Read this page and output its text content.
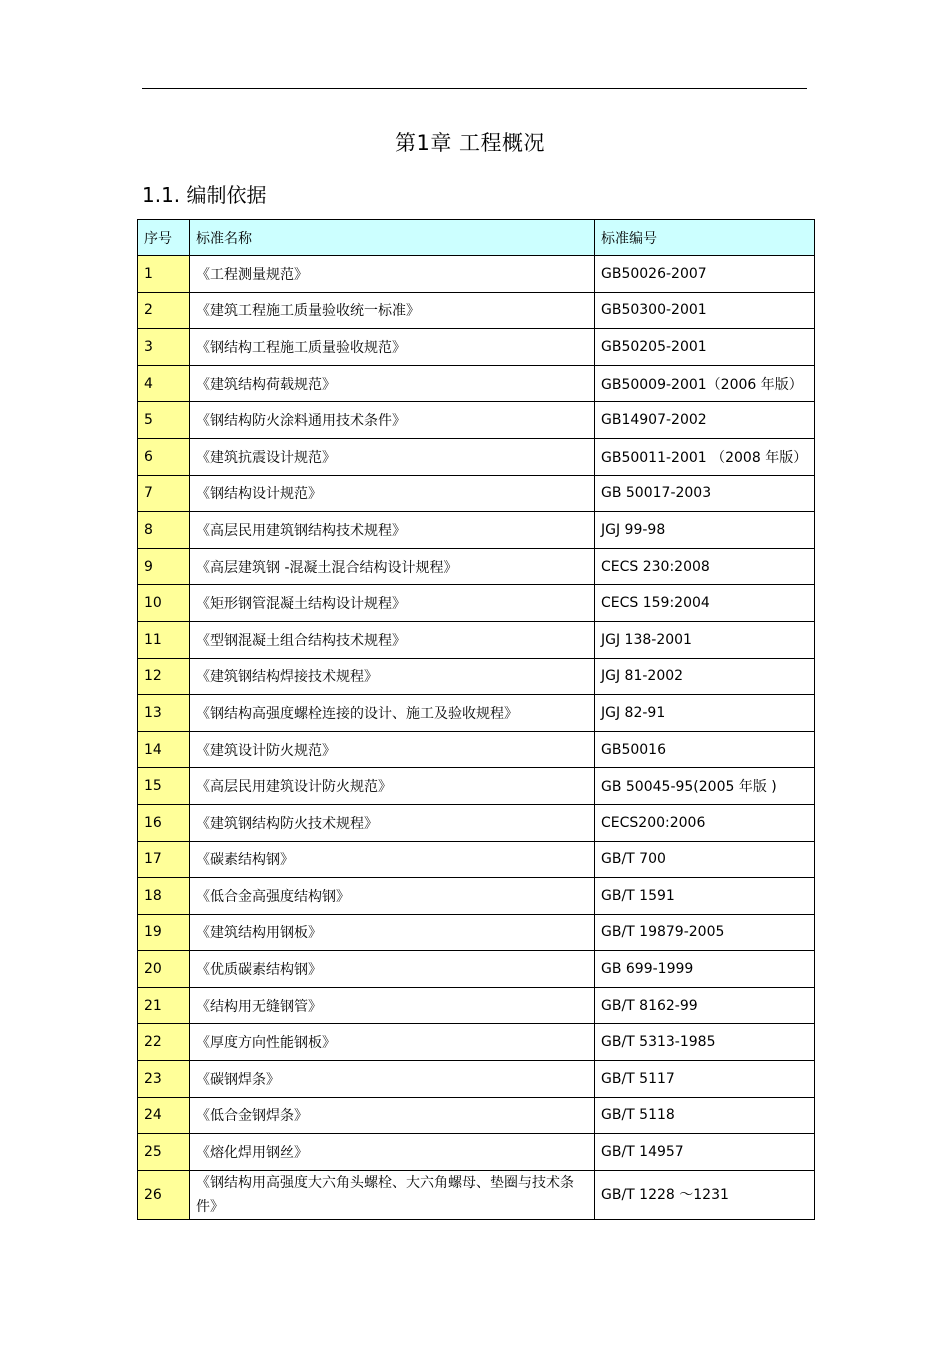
第1章 工程概况
1.1. 编制依据
序号	标准名称	标准编号
1	《工程测量规范》	GB50026-2007
2	《建筑工程施工质量验收统一标准》	GB50300-2001
3	《钢结构工程施工质量验收规范》	GB50205-2001
4	《建筑结构荷载规范》	GB50009-2001（2006 年版）
5	《钢结构防火涂料通用技术条件》	GB14907-2002
6	《建筑抗震设计规范》	GB50011-2001 （2008 年版）
7	《钢结构设计规范》	GB 50017-2003
8	《高层民用建筑钢结构技术规程》	JGJ 99-98
9	《高层建筑钢 -混凝土混合结构设计规程》	CECS 230:2008
10	《矩形钢管混凝土结构设计规程》	CECS 159:2004
11	《型钢混凝土组合结构技术规程》	JGJ 138-2001
12	《建筑钢结构焊接技术规程》	JGJ 81-2002
13	《钢结构高强度螺栓连接的设计、施工及验收规程》	JGJ 82-91
14	《建筑设计防火规范》	GB50016
15	《高层民用建筑设计防火规范》	GB 50045-95(2005 年版 )
16	《建筑钢结构防火技术规程》	CECS200:2006
17	《碳素结构钢》	GB/T 700
18	《低合金高强度结构钢》	GB/T 1591
19	《建筑结构用钢板》	GB/T 19879-2005
20	《优质碳素结构钢》	GB 699-1999
21	《结构用无缝钢管》	GB/T 8162-99
22	《厚度方向性能钢板》	GB/T 5313-1985
23	《碳钢焊条》	GB/T 5117
24	《低合金钢焊条》	GB/T 5118
25	《熔化焊用钢丝》	GB/T 14957
26	《钢结构用高强度大六角头螺栓、大六角螺母、垫圈与技术条件》	GB/T 1228 ～1231
